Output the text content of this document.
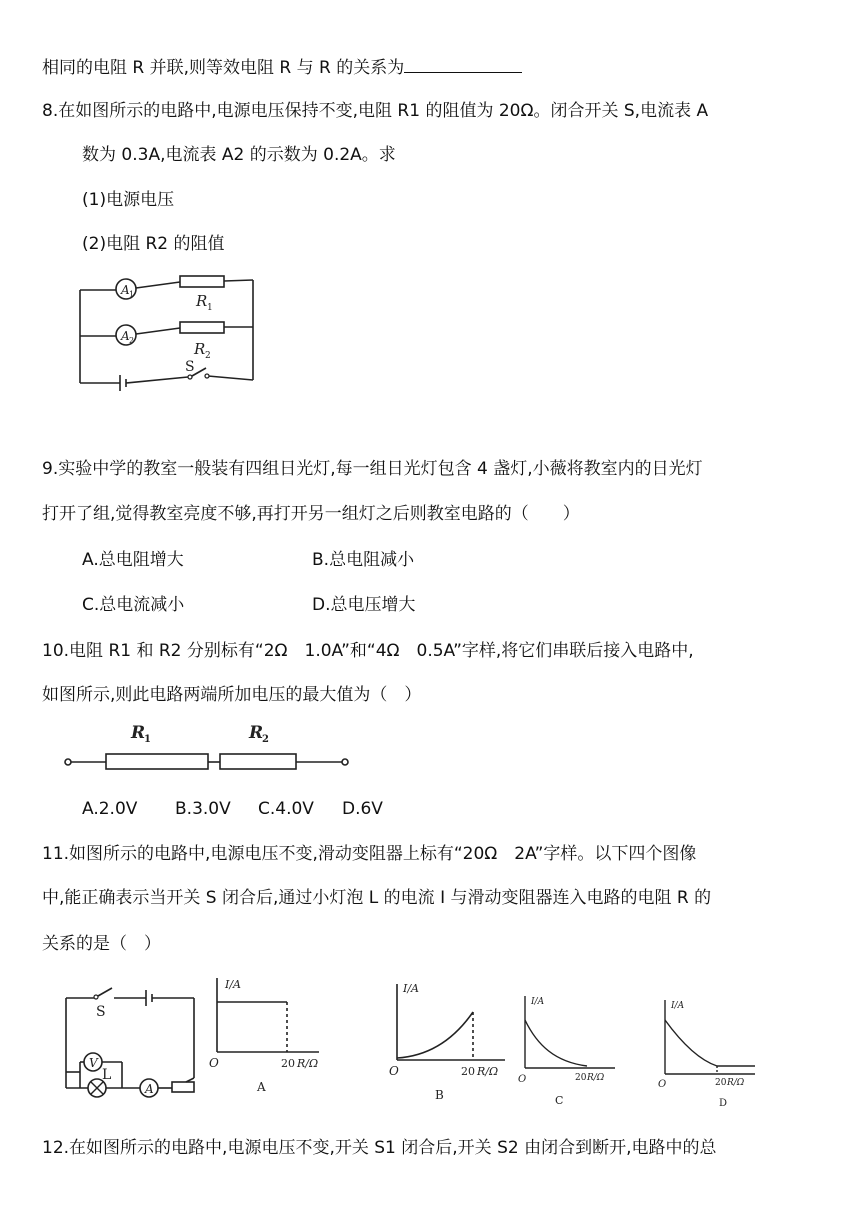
相同的电阻 R 并联,则等效电阻 R 与 R 的关系为
8.在如图所示的电路中,电源电压保持不变,电阻 R1 的阻值为 20Ω。闭合开关 S,电流表 A
数为 0.3A,电流表 A2 的示数为 0.2A。求
(1)电源电压
(2)电阻 R2 的阻值
A 1
A 2
R 1
R 2
S
9.实验中学的教室一般装有四组日光灯,每一组日光灯包含 4 盏灯,小薇将教室内的日光灯
打开了组,觉得教室亮度不够,再打开另一组灯之后则教室电路的（　　）
A.总电阻增大	B.总电阻减小
C.总电流减小	D.总电压增大
10.电阻 R1 和 R2 分别标有“2Ω　1.0A”和“4Ω　0.5A”字样,将它们串联后接入电路中,
如图所示,则此电路两端所加电压的最大值为（　）
R
1	R
2
A.2.0V B.3.0V C.4.0V D.6V
11.如图所示的电路中,电源电压不变,滑动变阻器上标有“20Ω　2A”字样。以下四个图像
中,能正确表示当开关 S 闭合后,通过小灯泡 L 的电流 I 与滑动变阻器连入电路的电阻 R 的
关系的是（　）
V
L
A
S
I/A
O	20 R/Ω
A
I/A
O	20 R/Ω
B
I/A
O	20 R/Ω
C
I/A
O	20 R/Ω
D
12.在如图所示的电路中,电源电压不变,开关 S1 闭合后,开关 S2 由闭合到断开,电路中的总
